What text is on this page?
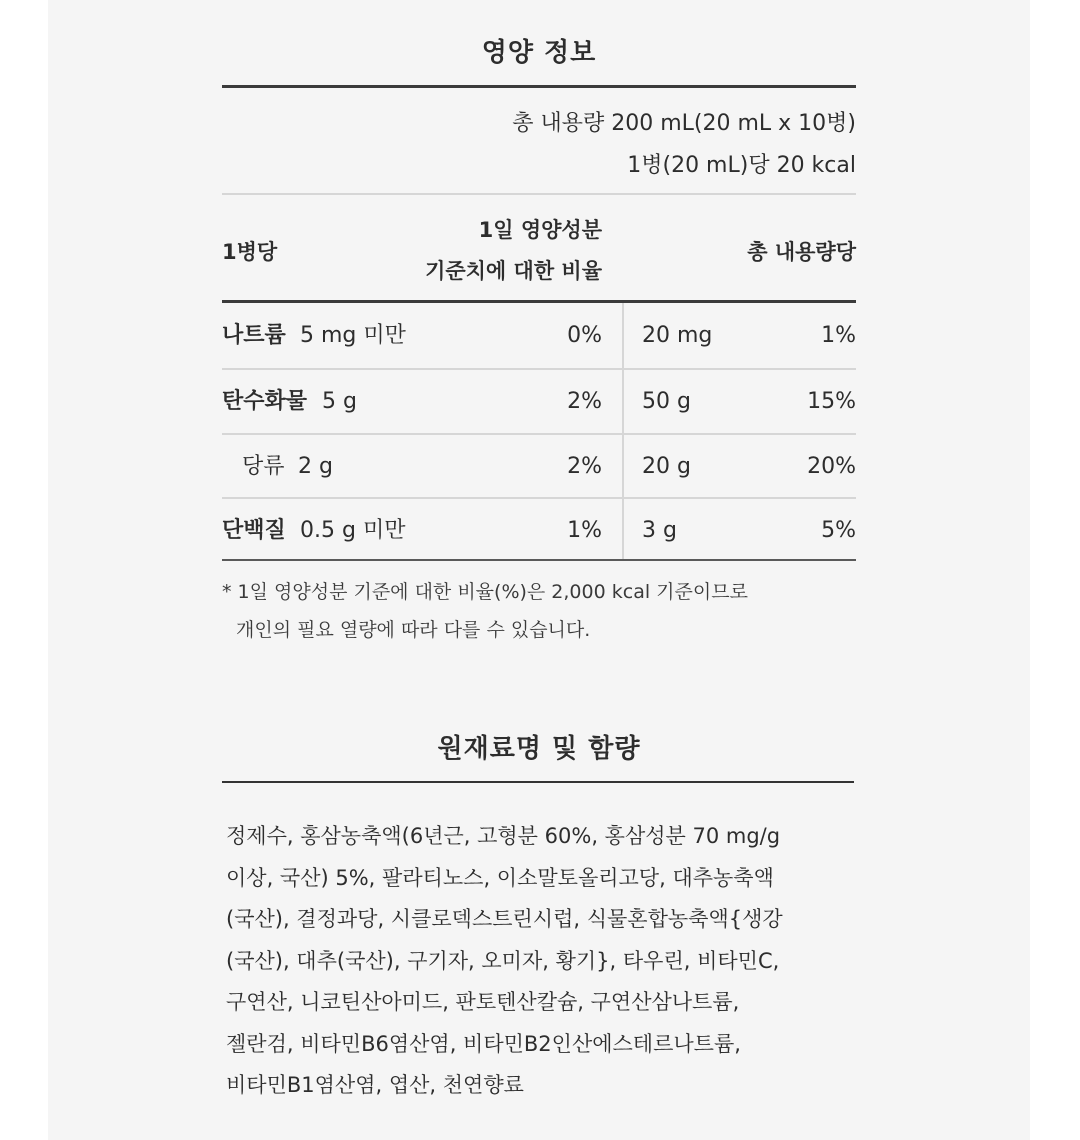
영양 정보
총 내용량 200 mL(20 mL x 10병)
1병(20 mL)당 20 kcal
1병당
1일 영양성분
기준치에 대한 비율
총 내용량당
나트륨 5 mg 미만	0% 20 mg	1%
탄수화물 5 g	2% 50 g	15%
당류 2 g	2% 20 g	20%
단백질 0.5 g 미만	1% 3 g	5%
* 1일 영양성분 기준에 대한 비율(%)은 2,000 kcal 기준이므로
개인의 필요 열량에 따라 다를 수 있습니다.
원재료명 및 함량
정제수, 홍삼농축액(6년근, 고형분 60%, 홍삼성분 70 mg/g
이상, 국산) 5%, 팔라티노스, 이소말토올리고당, 대추농축액
(국산), 결정과당, 시클로덱스트린시럽, 식물혼합농축액{생강
(국산), 대추(국산), 구기자, 오미자, 황기}, 타우린, 비타민C,
구연산, 니코틴산아미드, 판토텐산칼슘, 구연산삼나트륨,
젤란검, 비타민B6염산염, 비타민B2인산에스테르나트륨,
비타민B1염산염, 엽산, 천연향료
